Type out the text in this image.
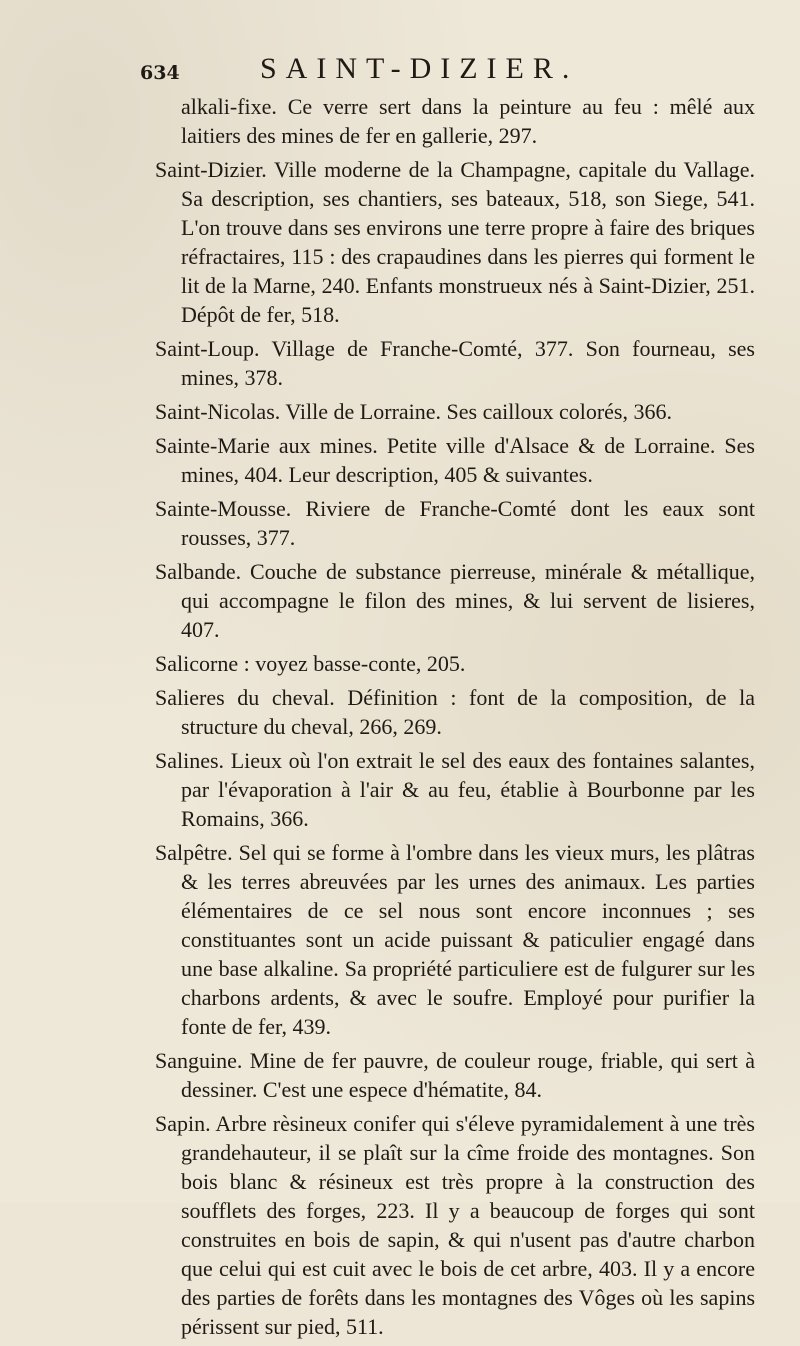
634	SAINT-DIZIER.

alkali-fixe. Ce verre sert dans la peinture au feu : mêlé aux laitiers des mines de fer en gallerie, 297.

Saint-Dizier. Ville moderne de la Champagne, capitale du Vallage. Sa description, ses chantiers, ses bateaux, 518, son Siege, 541. L'on trouve dans ses environs une terre propre à faire des briques réfractaires, 115 : des crapaudines dans les pierres qui forment le lit de la Marne, 240. Enfants monstrueux nés à Saint-Dizier, 251. Dépôt de fer, 518.

Saint-Loup. Village de Franche-Comté, 377. Son fourneau, ses mines, 378.

Saint-Nicolas. Ville de Lorraine. Ses cailloux colorés, 366.

Sainte-Marie aux mines. Petite ville d'Alsace & de Lorraine. Ses mines, 404. Leur description, 405 & suivantes.

Sainte-Mousse. Riviere de Franche-Comté dont les eaux sont rousses, 377.

Salbande. Couche de substance pierreuse, minérale & métallique, qui accompagne le filon des mines, & lui servent de lisieres, 407.

Salicorne : voyez basse-conte, 205.

Salieres du cheval. Définition : font de la composition, de la structure du cheval, 266, 269.

Salines. Lieux où l'on extrait le sel des eaux des fontaines salantes, par l'évaporation à l'air & au feu, établie à Bourbonne par les Romains, 366.

Salpêtre. Sel qui se forme à l'ombre dans les vieux murs, les plâtras & les terres abreuvées par les urnes des animaux. Les parties élémentaires de ce sel nous sont encore inconnues ; ses constituantes sont un acide puissant & paticulier engagé dans une base alkaline. Sa propriété particuliere est de fulgurer sur les charbons ardents, & avec le soufre. Employé pour purifier la fonte de fer, 439.

Sanguine. Mine de fer pauvre, de couleur rouge, friable, qui sert à dessiner. C'est une espece d'hématite, 84.

Sapin. Arbre rèsineux conifer qui s'éleve pyramidalement à une très grandehauteur, il se plaît sur la cîme froide des montagnes. Son bois blanc & résineux est très propre à la construction des soufflets des forges, 223. Il y a beaucoup de forges qui sont construites en bois de sapin, & qui n'usent pas d'autre charbon que celui qui est cuit avec le bois de cet arbre, 403. Il y a encore des parties de forêts dans les montagnes des Vôges où les sapins périssent sur pied, 511.
